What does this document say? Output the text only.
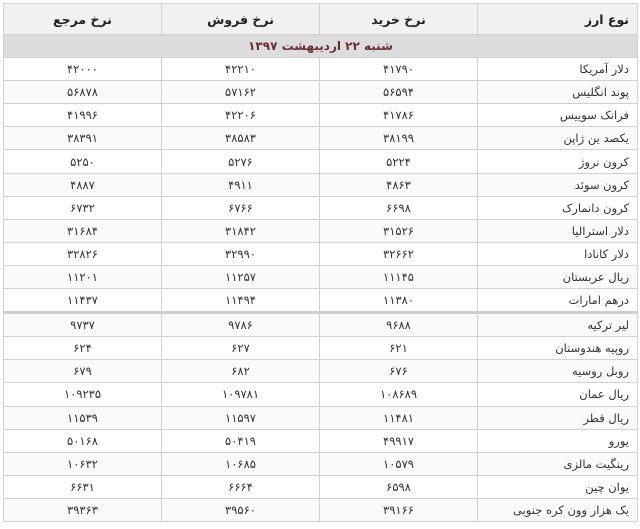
نوع ارز	نرخ خرید	نرخ فروش	نرخ مرجع
شنبه ۲۲ اردیبهشت ۱۳۹۷			
دلار آمریکا	۴۱۷۹۰	۴۲۲۱۰	۴۲۰۰۰
پوند انگلیس	۵۶۵۹۴	۵۷۱۶۲	۵۶۸۷۸
فرانک سوییس	۴۱۷۸۶	۴۲۲۰۶	۴۱۹۹۶
یکصد ین ژاپن	۳۸۱۹۹	۳۸۵۸۳	۳۸۳۹۱
کرون نروژ	۵۲۲۴	۵۲۷۶	۵۲۵۰
کرون سوئد	۴۸۶۳	۴۹۱۱	۴۸۸۷
کرون دانمارک	۶۶۹۸	۶۷۶۶	۶۷۳۲
دلار استرالیا	۳۱۵۲۶	۳۱۸۴۲	۳۱۶۸۴
دلار کانادا	۳۲۶۶۲	۳۲۹۹۰	۳۲۸۲۶
ریال عربستان	۱۱۱۴۵	۱۱۲۵۷	۱۱۲۰۱
درهم امارات	۱۱۳۸۰	۱۱۴۹۴	۱۱۴۳۷
لیر ترکیه	۹۶۸۸	۹۷۸۶	۹۷۳۷
روپیه هندوستان	۶۲۱	۶۲۷	۶۲۴
روبل روسیه	۶۷۶	۶۸۲	۶۷۹
ریال عمان	۱۰۸۶۸۹	۱۰۹۷۸۱	۱۰۹۲۳۵
ریال قطر	۱۱۴۸۱	۱۱۵۹۷	۱۱۵۳۹
یورو	۴۹۹۱۷	۵۰۴۱۹	۵۰۱۶۸
رینگیت مالزی	۱۰۵۷۹	۱۰۶۸۵	۱۰۶۳۲
یوان چین	۶۵۹۸	۶۶۶۴	۶۶۳۱
یک هزار وون کره جنوبی	۳۹۱۶۶	۳۹۵۶۰	۳۹۳۶۳
